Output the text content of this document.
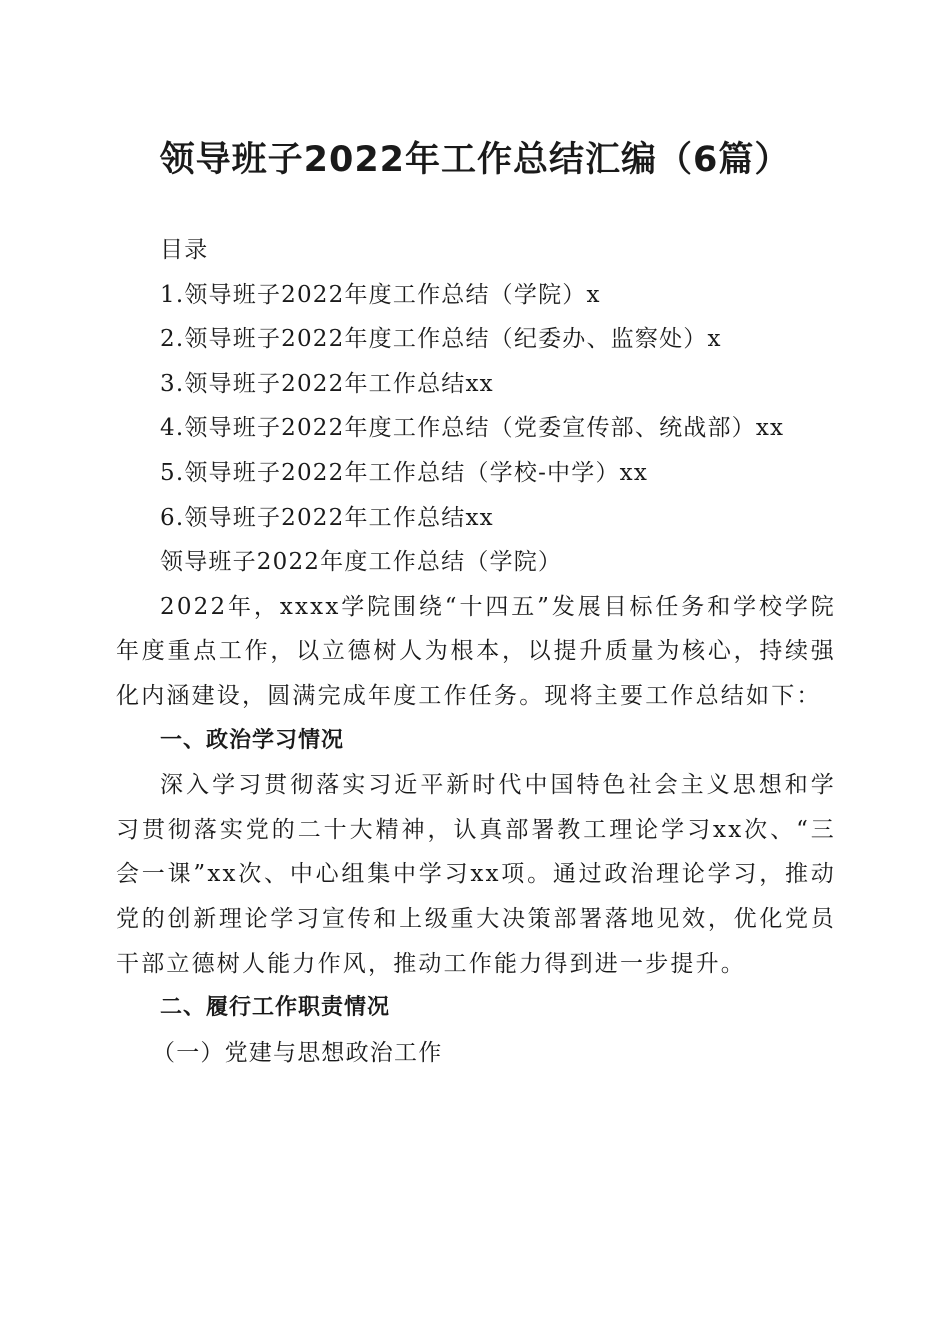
领导班子2022年工作总结汇编（6篇）

目录

1.领导班子2022年度工作总结（学院）x

2.领导班子2022年度工作总结（纪委办、监察处）x

3.领导班子2022年工作总结xx

4.领导班子2022年度工作总结（党委宣传部、统战部）xx

5.领导班子2022年工作总结（学校-中学）xx

6.领导班子2022年工作总结xx

领导班子2022年度工作总结（学院）

2022年，xxxx学院围绕“十四五”发展目标任务和学校学院年度重点工作，以立德树人为根本，以提升质量为核心，持续强化内涵建设，圆满完成年度工作任务。现将主要工作总结如下：

一、政治学习情况

深入学习贯彻落实习近平新时代中国特色社会主义思想和学习贯彻落实党的二十大精神，认真部署教工理论学习xx次、“三会一课”xx次、中心组集中学习xx项。通过政治理论学习，推动党的创新理论学习宣传和上级重大决策部署落地见效，优化党员干部立德树人能力作风，推动工作能力得到进一步提升。

二、履行工作职责情况

（一）党建与思想政治工作
